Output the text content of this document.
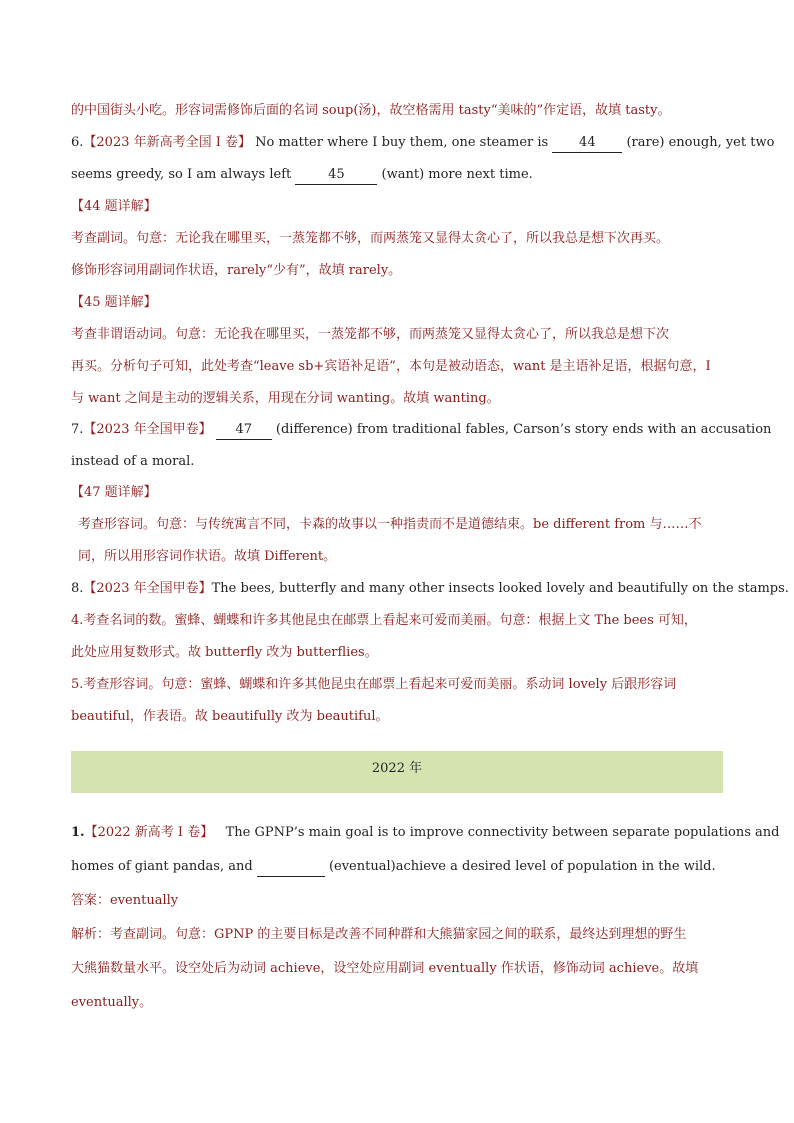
的中国街头小吃。形容词需修饰后面的名词 soup(汤)，故空格需用 tasty“美味的”作定语，故填 tasty。
6.【2023 年新高考全国 I 卷】 No matter where I buy them, one steamer is 44 (rare) enough, yet two
seems greedy, so I am always left	45	(want) more next time.
【44 题详解】
考查副词。句意：无论我在哪里买，一蒸笼都不够，而两蒸笼又显得太贪心了，所以我总是想下次再买。
修饰形容词用副词作状语，rarely“少有”，故填 rarely。
【45 题详解】
考查非谓语动词。句意：无论我在哪里买，一蒸笼都不够，而两蒸笼又显得太贪心了，所以我总是想下次
再买。分析句子可知，此处考查“leave sb+宾语补足语”，本句是被动语态，want 是主语补足语，根据句意，I
与 want 之间是主动的逻辑关系，用现在分词 wanting。故填 wanting。
7.【2023 年全国甲卷】 47 (difference) from traditional fables, Carson’s story ends with an accusation
instead of a moral.
【47 题详解】
考查形容词。句意：与传统寓言不同，卡森的故事以一种指责而不是道德结束。be different from 与……不
同，所以用形容词作状语。故填 Different。
8.【2023 年全国甲卷】The bees, butterfly and many other insects looked lovely and beautifully on the stamps.
4.考查名词的数。蜜蜂、蝴蝶和许多其他昆虫在邮票上看起来可爱而美丽。句意：根据上文 The bees 可知，
此处应用复数形式。故 butterfly 改为 butterflies。
5.考查形容词。句意：蜜蜂、蝴蝶和许多其他昆虫在邮票上看起来可爱而美丽。系动词 lovely 后跟形容词
beautiful，作表语。故 beautifully 改为 beautiful。
2022 年
1.【2022 新高考 I 卷】 The GPNP’s main goal is to improve connectivity between separate populations and
homes of giant pandas, and	(eventual)achieve a desired level of population in the wild.
答案：eventually
解析：考查副词。句意：GPNP 的主要目标是改善不同种群和大熊猫家园之间的联系，最终达到理想的野生
大熊猫数量水平。设空处后为动词 achieve，设空处应用副词 eventually 作状语，修饰动词 achieve。故填
eventually。
